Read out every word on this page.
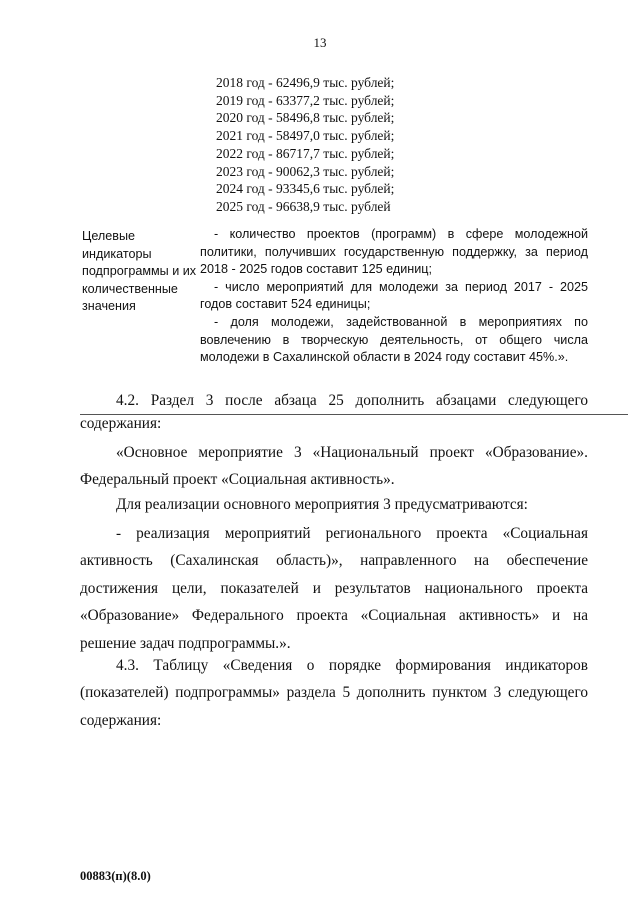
13
2018 год - 62496,9 тыс. рублей;
2019 год - 63377,2 тыс. рублей;
2020 год - 58496,8 тыс. рублей;
2021 год - 58497,0 тыс. рублей;
2022 год - 86717,7 тыс. рублей;
2023 год - 90062,3 тыс. рублей;
2024 год - 93345,6 тыс. рублей;
2025 год - 96638,9 тыс. рублей
Целевые индикаторы подпрограммы и их количественные значения

- количество проектов (программ) в сфере молодежной политики, получивших государственную поддержку, за период 2018 - 2025 годов составит 125 единиц;

- число мероприятий для молодежи за период 2017 - 2025 годов составит 524 единицы;

- доля молодежи, задействованной в мероприятиях по вовлечению в творческую деятельность, от общего числа молодежи в Сахалинской области в 2024 году составит 45%.».

4.2. Раздел 3 после абзаца 25 дополнить абзацами следующего

содержания:

«Основное мероприятие 3 «Национальный проект «Образование». Федеральный проект «Социальная активность».

Для реализации основного мероприятия 3 предусматриваются:

- реализация мероприятий регионального проекта «Социальная активность (Сахалинская область)», направленного на обеспечение достижения цели, показателей и результатов национального проекта «Образование» Федерального проекта «Социальная активность» и на решение задач подпрограммы.».

4.3. Таблицу «Сведения о порядке формирования индикаторов (показателей) подпрограммы» раздела 5 дополнить пунктом 3 следующего содержания:

00883(п)(8.0)
